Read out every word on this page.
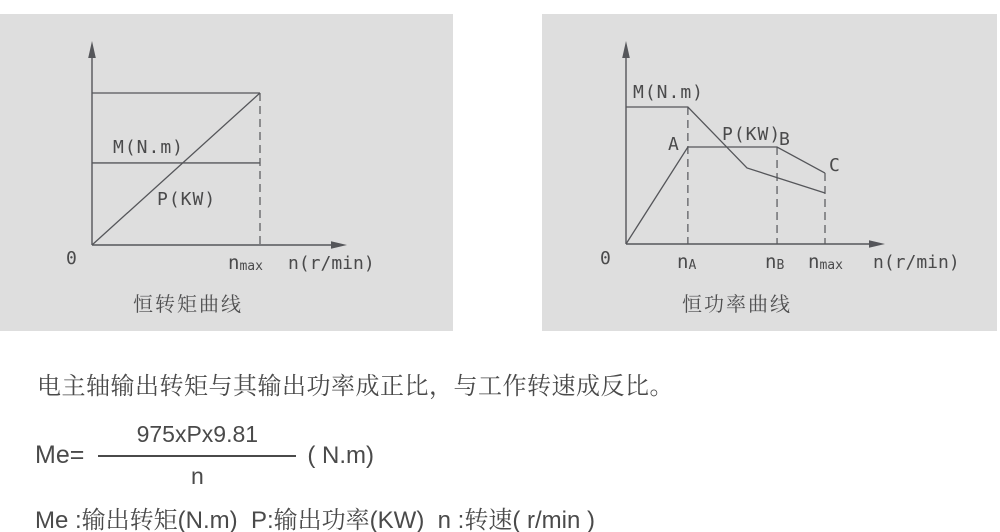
M(N.m)
P(KW)
0	nmax n(r/min)
恒转矩曲线
M(N.m)
P(KW)
A	B
C
0	nA	nB nmax n(r/min)
恒功率曲线
电主轴输出转矩与其输出功率成正比，与工作转速成反比。
$Me= \frac{\text{975xPx9.81}}{n}$ ( N.m)
Me :输出转矩(N.m)  P:输出功率(KW)  n :转速( r/min )
